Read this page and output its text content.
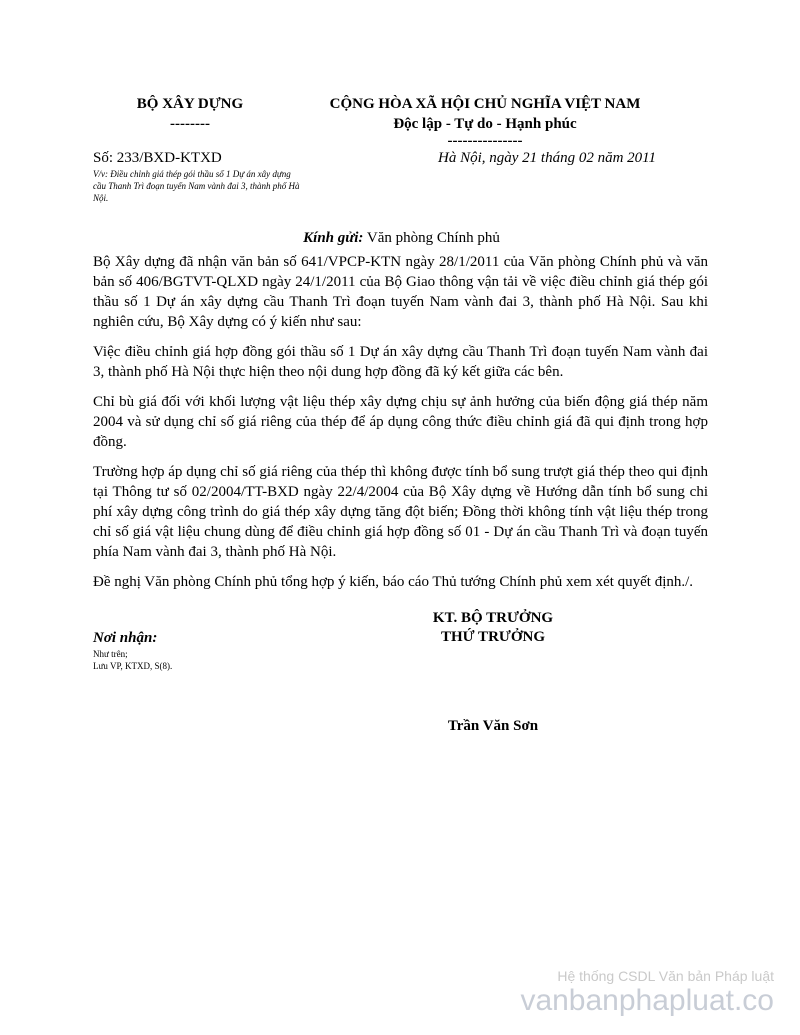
BỘ XÂY DỰNG
--------
CỘNG HÒA XÃ HỘI CHỦ NGHĨA VIỆT NAM
Độc lập - Tự do - Hạnh phúc
---------------
Số: 233/BXD-KTXD
V/v: Điều chỉnh giá thép gói thầu số 1 Dự án xây dựng cầu Thanh Trì đoạn tuyến Nam vành đai 3, thành phố Hà Nội.
Hà Nội, ngày 21 tháng 02 năm 2011
Kính gửi: Văn phòng Chính phủ

Bộ Xây dựng đã nhận văn bản số 641/VPCP-KTN ngày 28/1/2011 của Văn phòng Chính phủ và văn bản số 406/BGTVT-QLXD ngày 24/1/2011 của Bộ Giao thông vận tải về việc điều chỉnh giá thép gói thầu số 1 Dự án xây dựng cầu Thanh Trì đoạn tuyến Nam vành đai 3, thành phố Hà Nội. Sau khi nghiên cứu, Bộ Xây dựng có ý kiến như sau:

Việc điều chỉnh giá hợp đồng gói thầu số 1 Dự án xây dựng cầu Thanh Trì đoạn tuyến Nam vành đai 3, thành phố Hà Nội thực hiện theo nội dung hợp đồng đã ký kết giữa các bên.

Chỉ bù giá đối với khối lượng vật liệu thép xây dựng chịu sự ảnh hưởng của biến động giá thép năm 2004 và sử dụng chỉ số giá riêng của thép để áp dụng công thức điều chỉnh giá đã qui định trong hợp đồng.

Trường hợp áp dụng chỉ số giá riêng của thép thì không được tính bổ sung trượt giá thép theo qui định tại Thông tư số 02/2004/TT-BXD ngày 22/4/2004 của Bộ Xây dựng về Hướng dẫn tính bổ sung chi phí xây dựng công trình do giá thép xây dựng tăng đột biến; Đồng thời không tính vật liệu thép trong chỉ số giá vật liệu chung dùng để điều chỉnh giá hợp đồng số 01 - Dự án cầu Thanh Trì và đoạn tuyến phía Nam vành đai 3, thành phố Hà Nội.

Đề nghị Văn phòng Chính phủ tổng hợp ý kiến, báo cáo Thủ tướng Chính phủ xem xét quyết định./.

KT. BỘ TRƯỞNG
THỨ TRƯỞNG
Trần Văn Sơn
Nơi nhận:
Như trên;
Lưu VP, KTXD, S(8).
Hệ thống CSDL Văn bản Pháp luật
vanbanphapluat.co
